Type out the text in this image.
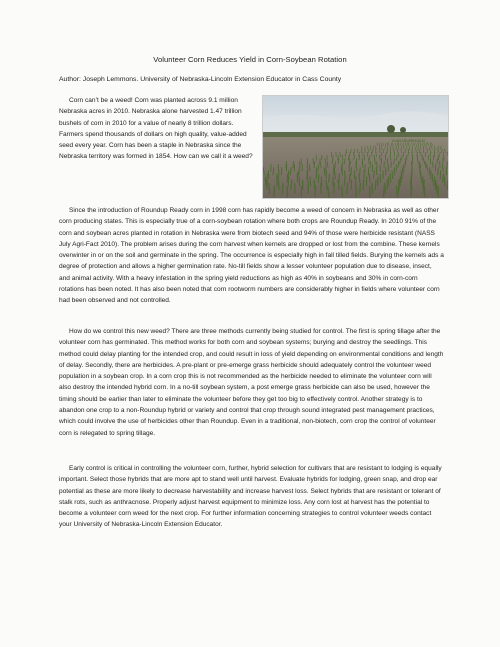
Volunteer Corn Reduces Yield in Corn-Soybean Rotation
Author: Joseph Lemmons. University of Nebraska-Lincoln Extension Educator in Cass County

Corn can’t be a weed! Corn was planted across 9.1 million Nebraska acres in 2010. Nebraska alone harvested 1.47 trillion bushels of corn in 2010 for a value of nearly 8 trillion dollars. Farmers spend thousands of dollars on high quality, value-added seed every year. Corn has been a staple in Nebraska since the Nebraska territory was formed in 1854. How can we call it a weed?

Since the introduction of Roundup Ready corn in 1998 corn has rapidly become a weed of concern in Nebraska as well as other corn producing states. This is especially true of a corn-soybean rotation where both crops are Roundup Ready. In 2010 91% of the corn and soybean acres planted in rotation in Nebraska were from biotech seed and 94% of those were herbicide resistant (NASS July Agri-Fact 2010). The problem arises during the corn harvest when kernels are dropped or lost from the combine. These kernels overwinter in or on the soil and germinate in the spring. The occurrence is especially high in fall tilled fields. Burying the kernels ads a degree of protection and allows a higher germination rate. No-till fields show a lesser volunteer population due to disease, insect, and animal activity. With a heavy infestation in the spring yield reductions as high as 40% in soybeans and 30% in corn-corn rotations has been noted. It has also been noted that corn rootworm numbers are considerably higher in fields where volunteer corn had been observed and not controlled.

How do we control this new weed? There are three methods currently being studied for control. The first is spring tillage after the volunteer corn has germinated. This method works for both corn and soybean systems; burying and destroy the seedlings. This method could delay planting for the intended crop, and could result in loss of yield depending on environmental conditions and length of delay. Secondly, there are herbicides. A pre-plant or pre-emerge grass herbicide should adequately control the volunteer weed population in a soybean crop. In a corn crop this is not recommended as the herbicide needed to eliminate the volunteer corn will also destroy the intended hybrid corn. In a no-till soybean system, a post emerge grass herbicide can also be used, however the timing should be earlier than later to eliminate the volunteer before they get too big to effectively control. Another strategy is to abandon one crop to a non-Roundup hybrid or variety and control that crop through sound integrated pest management practices, which could involve the use of herbicides other than Roundup. Even in a traditional, non-biotech, corn crop the control of volunteer corn is relegated to spring tillage.

Early control is critical in controlling the volunteer corn, further, hybrid selection for cultivars that are resistant to lodging is equally important. Select those hybrids that are more apt to stand well until harvest. Evaluate hybrids for lodging, green snap, and drop ear potential as these are more likely to decrease harvestability and increase harvest loss. Select hybrids that are resistant or tolerant of stalk rots, such as anthracnose. Properly adjust harvest equipment to minimize loss. Any corn lost at harvest has the potential to become a volunteer corn weed for the next crop. For further information concerning strategies to control volunteer weeds contact your University of Nebraska-Lincoln Extension Educator.
